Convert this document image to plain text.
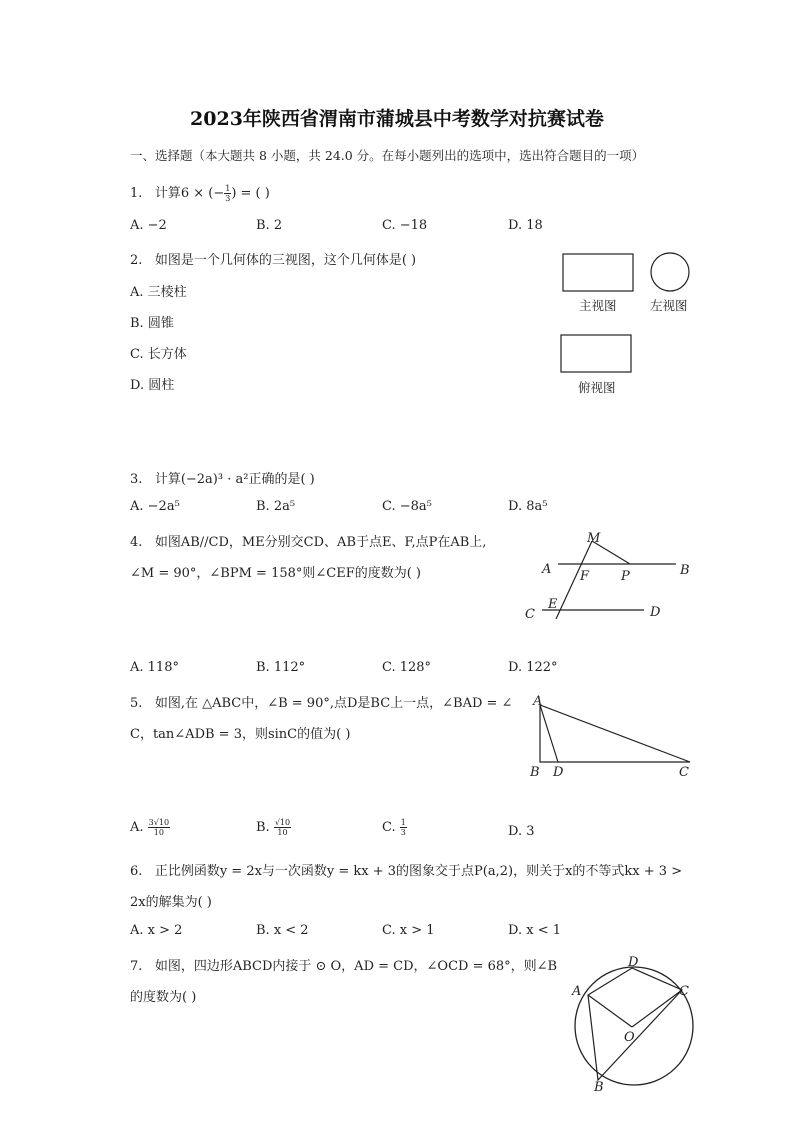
2023年陕西省渭南市蒲城县中考数学对抗赛试卷
一、选择题（本大题共 8 小题，共 24.0 分。在每小题列出的选项中，选出符合题目的一项）
1. 计算6 × (− $\frac{1}{3}$ ) = ( )
A. −2	B. 2	C. −18	D. 18
2. 如图是一个几何体的三视图，这个几何体是( )
A. 三棱柱
B. 圆锥
C. 长方体
D. 圆柱
主视图	左视图
俯视图
3. 计算(−2a)³ · a²正确的是( )
A. −2a⁵	B. 2a⁵	C. −8a⁵	D. 8a⁵
4. 如图AB//CD，ME分别交CD、AB于点E、F,点P在AB上,
∠M = 90°，∠BPM = 158°则∠CEF的度数为( )
M
A F P	B
E
C	D
A. 118°	B. 112°	C. 128°	D. 122°
5. 如图,在 △ABC中，∠B = 90°,点D是BC上一点，∠BAD = ∠
C，tan∠ADB = 3，则sinC的值为( )
A
B D	C
A. $\frac{3√10}{10}$	B. $\frac{√10}{10}$	C. $\frac{1}{3}$	D. 3
6. 正比例函数y = 2x与一次函数y = kx + 3的图象交于点P(a,2)，则关于x的不等式kx + 3 >
2x的解集为( )
A. x > 2	B. x < 2	C. x > 1	D. x < 1
7. 如图，四边形ABCD内接于 ⊙ O，AD = CD，∠OCD = 68°，则∠B
的度数为( )
D
A	C
O
B
